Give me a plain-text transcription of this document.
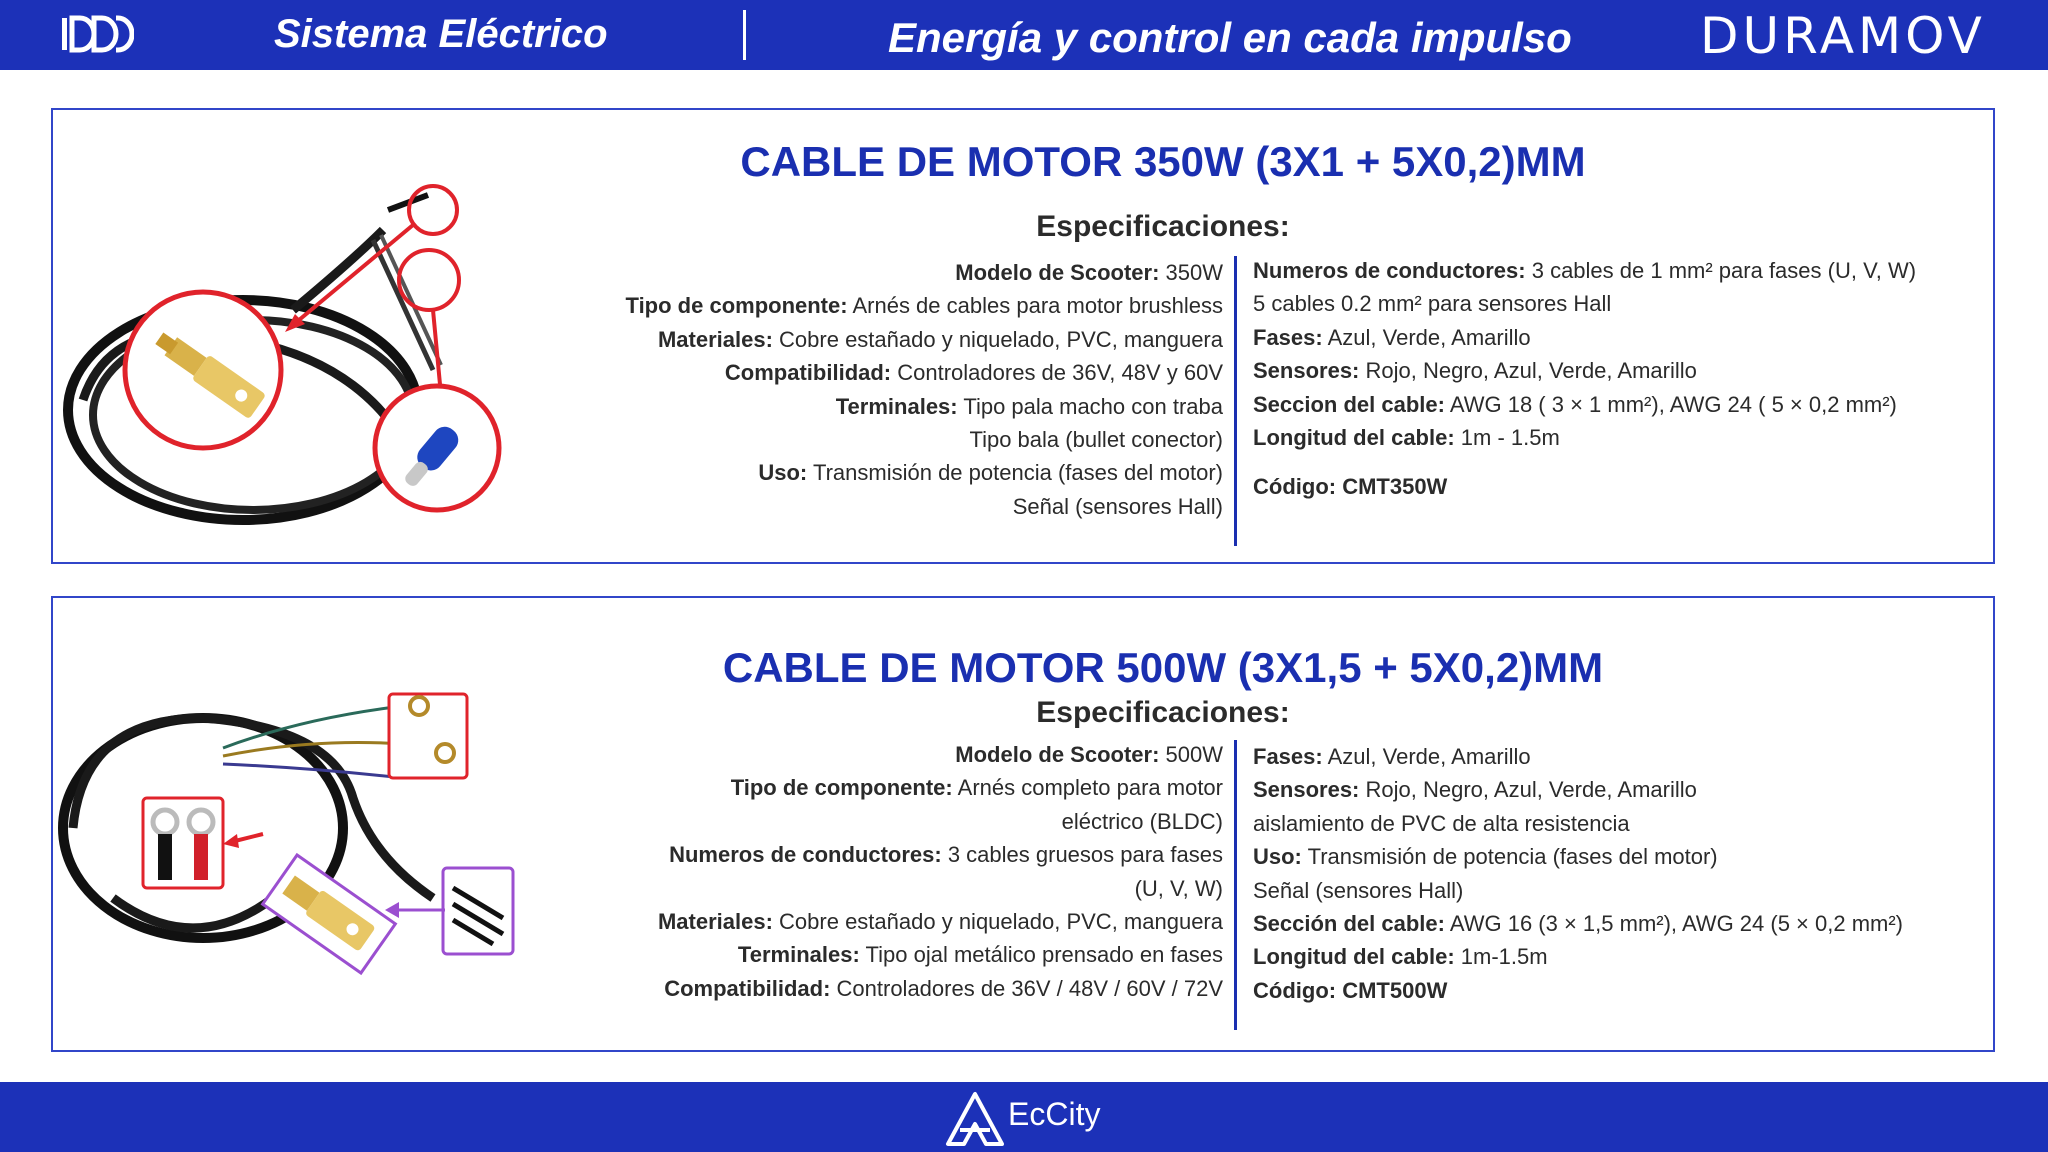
Sistema Eléctrico	Energía y control en cada impulso	DURAMOV
CABLE DE MOTOR 350W (3X1 + 5X0,2)MM
Especificaciones:
Modelo de Scooter: 350W
Tipo de componente: Arnés de cables para motor brushless
Materiales: Cobre estañado y niquelado, PVC, manguera
Compatibilidad: Controladores de 36V, 48V y 60V
Terminales: Tipo pala macho con traba
Tipo bala (bullet conector)
Uso: Transmisión de potencia (fases del motor)
Señal (sensores Hall)
Numeros de conductores: 3 cables de 1 mm² para fases (U, V, W)
5 cables 0.2 mm² para sensores Hall
Fases: Azul, Verde, Amarillo
Sensores: Rojo, Negro, Azul, Verde, Amarillo
Seccion del cable: AWG 18 ( 3 × 1 mm²), AWG 24 ( 5 × 0,2 mm²)
Longitud del cable: 1m - 1.5m
Código: CMT350W
CABLE DE MOTOR 500W (3X1,5 + 5X0,2)MM
Especificaciones:
Modelo de Scooter: 500W
Tipo de componente: Arnés completo para motor
eléctrico (BLDC)
Numeros de conductores: 3 cables gruesos para fases
(U, V, W)
Materiales: Cobre estañado y niquelado, PVC, manguera
Terminales: Tipo ojal metálico prensado en fases
Compatibilidad: Controladores de 36V / 48V / 60V / 72V
Fases: Azul, Verde, Amarillo
Sensores: Rojo, Negro, Azul, Verde, Amarillo
aislamiento de PVC de alta resistencia
Uso: Transmisión de potencia (fases del motor)
Señal (sensores Hall)
Sección del cable: AWG 16 (3 × 1,5 mm²), AWG 24 (5 × 0,2 mm²)
Longitud del cable: 1m-1.5m
Código: CMT500W
EcCity
